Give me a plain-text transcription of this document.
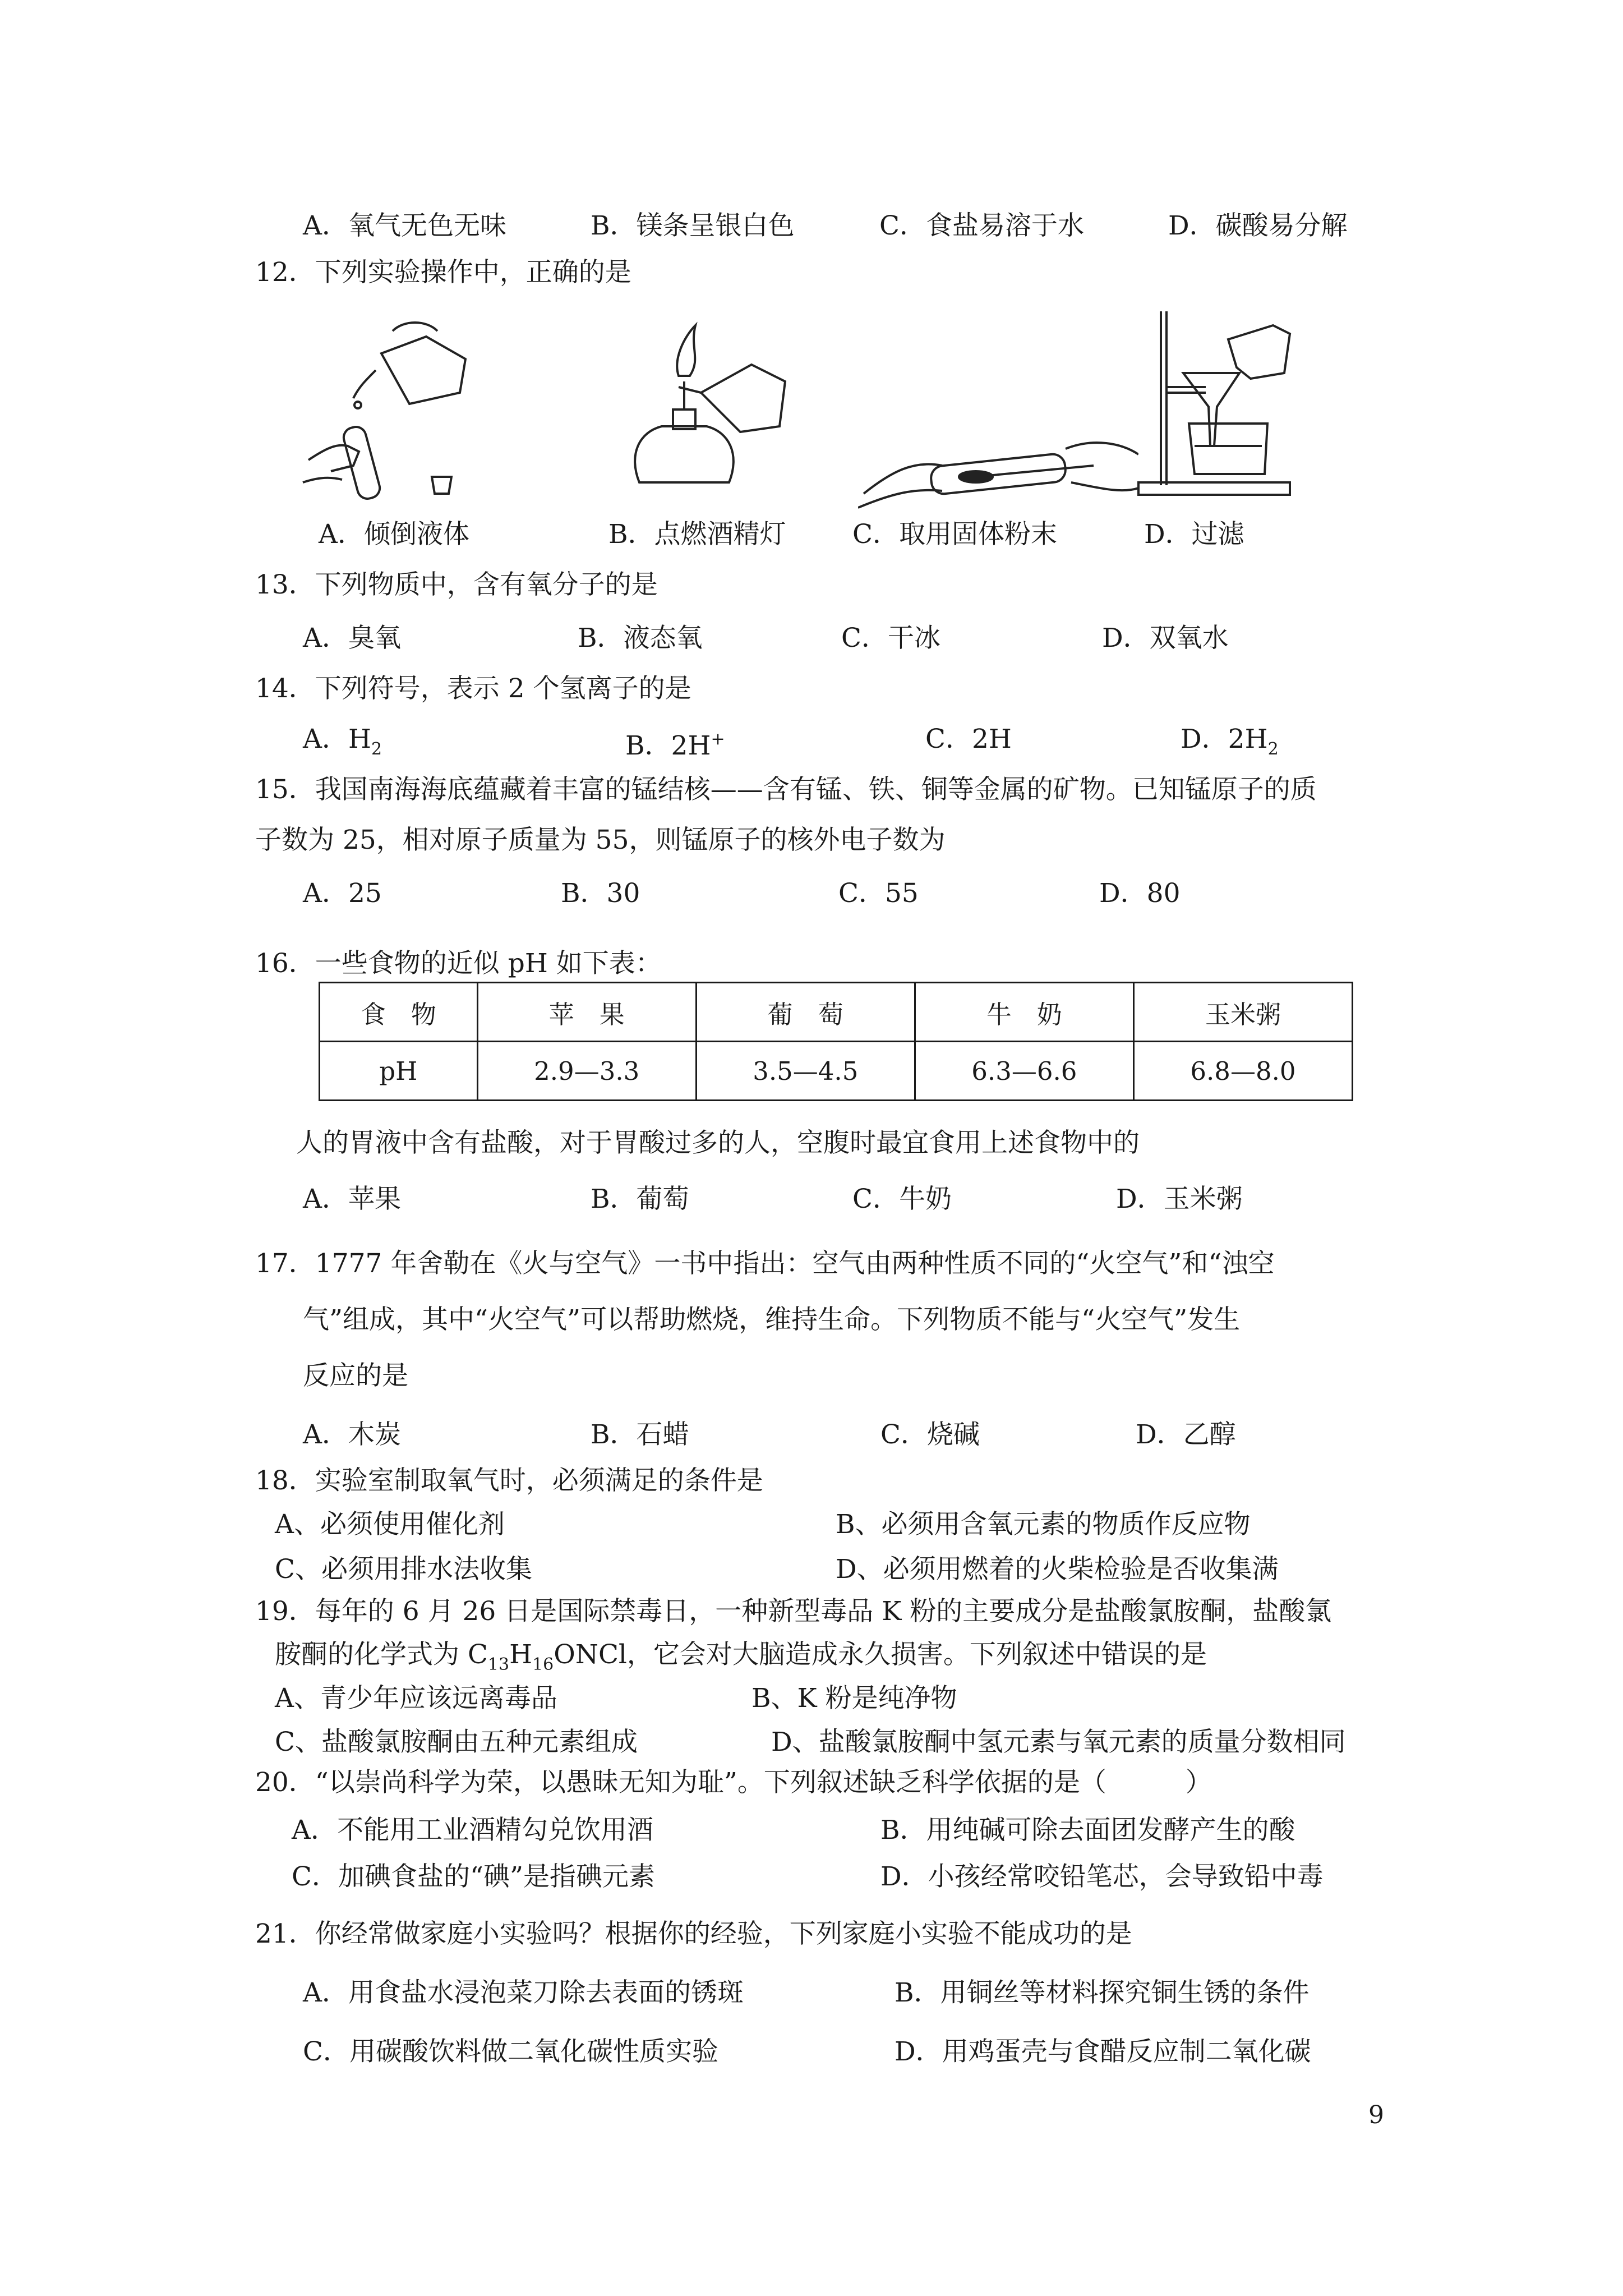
A．氧气无色无味	B．镁条呈银白色	C．食盐易溶于水	D．碳酸易分解
12．下列实验操作中，正确的是
A．倾倒液体	B．点燃酒精灯	C．取用固体粉末	D．过滤
13．下列物质中，含有氧分子的是
A．臭氧	B．液态氧	C．干冰	D．双氧水
14．下列符号，表示 2 个氢离子的是
A．$H_2$	B．2H+	C．2H	D．$2H_2$
15．我国南海海底蕴藏着丰富的锰结核——含有锰、铁、铜等金属的矿物。已知锰原子的质
子数为 25，相对原子质量为 55，则锰原子的核外电子数为
A．25	B．30	C．55	D．80
16．一些食物的近似 pH 如下表：
食　物	苹　果	葡　萄	牛　奶	玉米粥
pH	2.9—3.3	3.5—4.5	6.3—6.6	6.8—8.0
人的胃液中含有盐酸，对于胃酸过多的人，空腹时最宜食用上述食物中的
A．苹果	B．葡萄	C．牛奶	D．玉米粥
17．1777 年舍勒在《火与空气》一书中指出：空气由两种性质不同的“火空气”和“浊空
气”组成，其中“火空气”可以帮助燃烧，维持生命。下列物质不能与“火空气”发生
反应的是
A．木炭	B．石蜡	C．烧碱	D．乙醇
18．实验室制取氧气时，必须满足的条件是
A、必须使用催化剂	B、必须用含氧元素的物质作反应物
C、必须用排水法收集	D、必须用燃着的火柴检验是否收集满
19．每年的 6 月 26 日是国际禁毒日，一种新型毒品 K 粉的主要成分是盐酸氯胺酮，盐酸氯
胺酮的化学式为 $C_{13}H_{16}ONCl$，它会对大脑造成永久损害。下列叙述中错误的是
A、青少年应该远离毒品	B、K 粉是纯净物
C、盐酸氯胺酮由五种元素组成	D、盐酸氯胺酮中氢元素与氧元素的质量分数相同
20．“以崇尚科学为荣，以愚昧无知为耻”。下列叙述缺乏科学依据的是（　　　）
A．不能用工业酒精勾兑饮用酒	B．用纯碱可除去面团发酵产生的酸
C．加碘食盐的“碘”是指碘元素	D．小孩经常咬铅笔芯，会导致铅中毒
21．你经常做家庭小实验吗？根据你的经验，下列家庭小实验不能成功的是
A．用食盐水浸泡菜刀除去表面的锈斑	B．用铜丝等材料探究铜生锈的条件
C．用碳酸饮料做二氧化碳性质实验	D．用鸡蛋壳与食醋反应制二氧化碳
9
